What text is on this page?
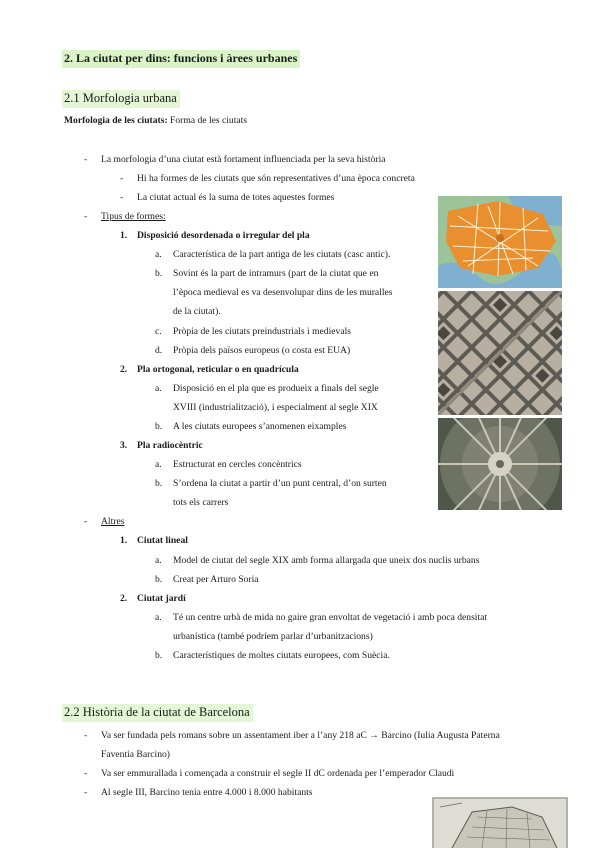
2. La ciutat per dins: funcions i àrees urbanes
2.1 Morfologia urbana
Morfologia de les ciutats: Forma de les ciutats
- La morfologia d’una ciutat està fortament influenciada per la seva història
- Hi ha formes de les ciutats que són representatives d’una època concreta
- La ciutat actual és la suma de totes aquestes formes
- Tipus de formes:
1. Disposició desordenada o irregular del pla
a. Característica de la part antiga de les ciutats (casc antic).
b. Sovint és la part de intramurs (part de la ciutat que en
l’època medieval es va desenvolupar dins de les muralles
de la ciutat).
c. Pròpia de les ciutats preindustrials i medievals
d. Pròpia dels països europeus (o costa est EUA)
2. Pla ortogonal, reticular o en quadrícula
a. Disposició en el pla que es produeix a finals del segle
XVIII (industrialització), i especialment al segle XIX
b. A les ciutats europees s’anomenen eixamples
3. Pla radiocèntric
a. Estructurat en cercles concèntrics
b. S’ordena la ciutat a partir d’un punt central, d’on surten
tots els carrers
- Altres
1. Ciutat lineal
a. Model de ciutat del segle XIX amb forma allargada que uneix dos nuclis urbans
b. Creat per Arturo Soria
2. Ciutat jardí
a. Té un centre urbà de mida no gaire gran envoltat de vegetació i amb poca densitat
urbanística (també podríem parlar d’urbanitzacions)
b. Característiques de moltes ciutats europees, com Suècia.
2.2 Història de la ciutat de Barcelona
- Va ser fundada pels romans sobre un assentament iber a l’any 218 aC → Barcino (Iulia Augusta Paterna
Faventia Barcino)
- Va ser emmurallada i començada a construir el segle II dC ordenada per l’emperador Claudi
- Al segle III, Barcino tenia entre 4.000 i 8.000 habitants
